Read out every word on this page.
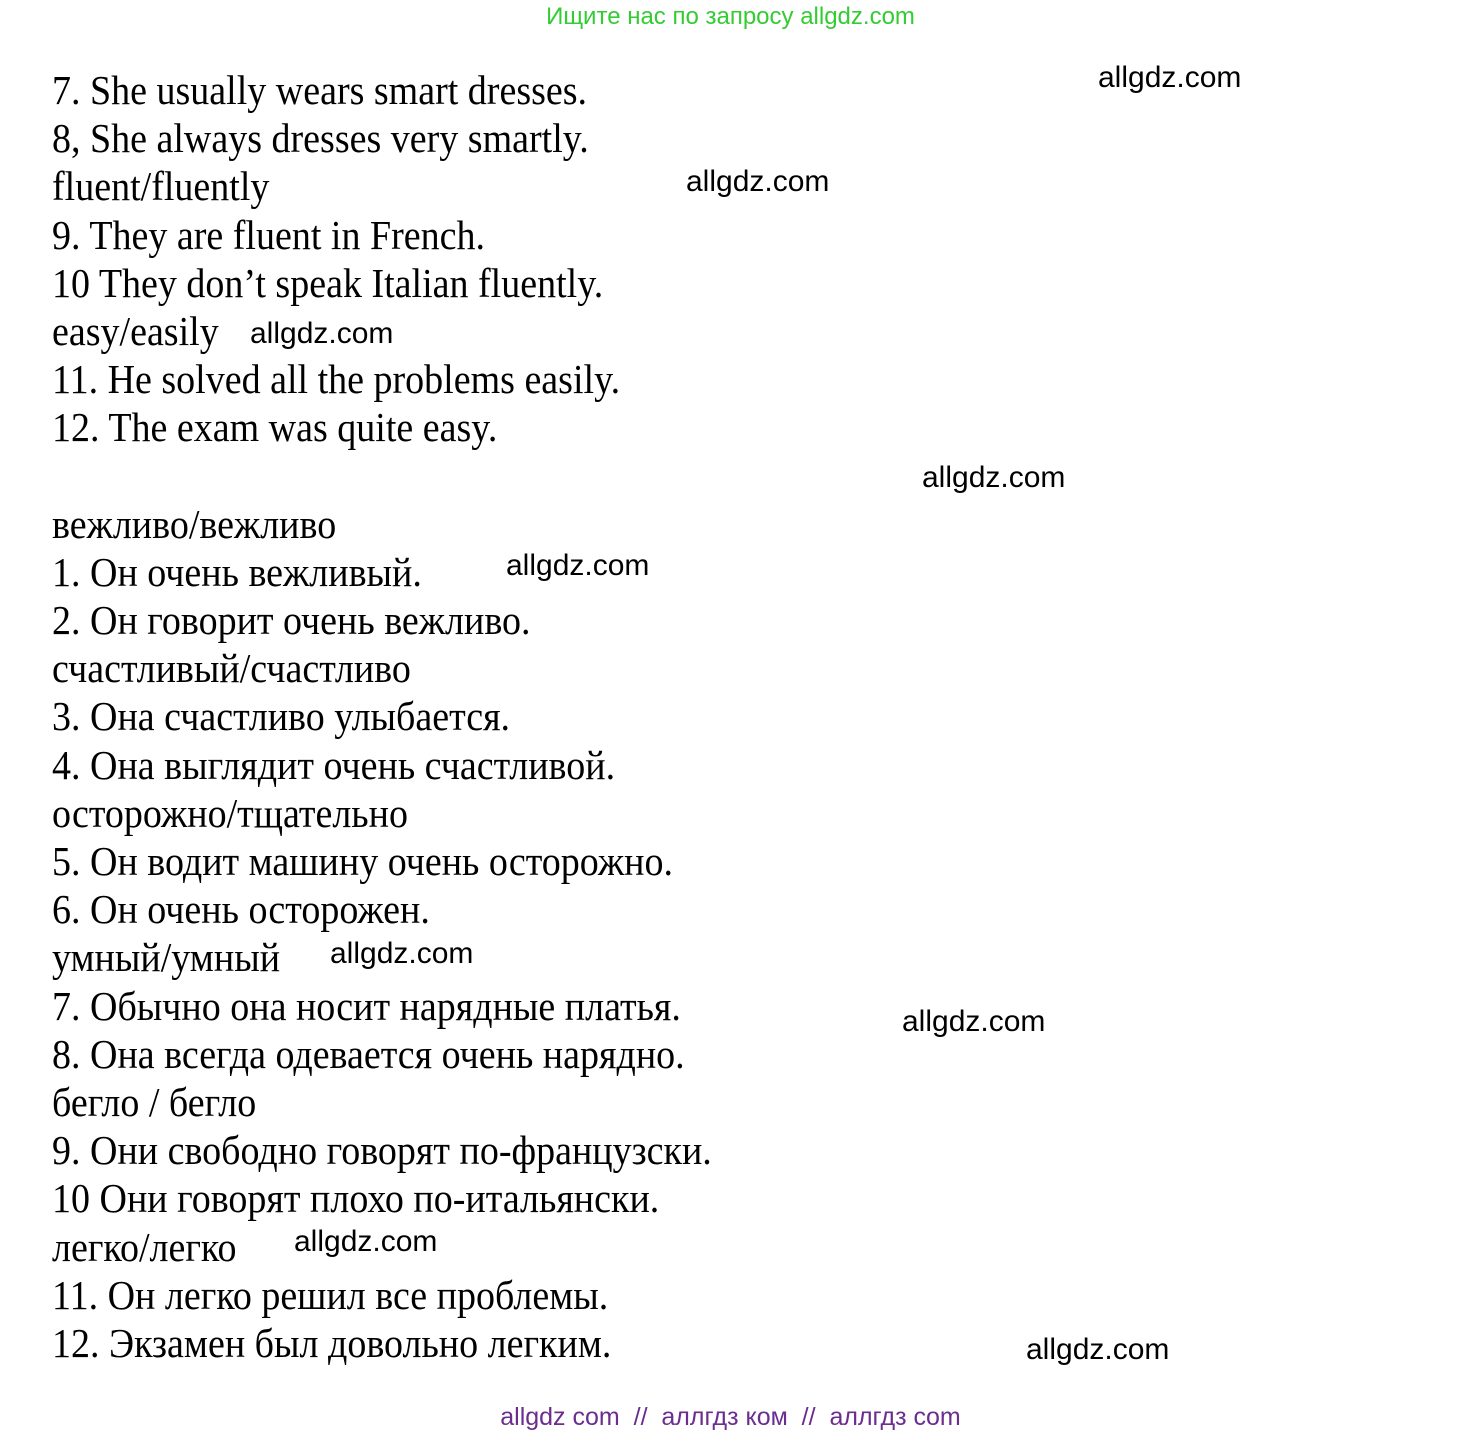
Ищите нас по запросу allgdz.com
7. She usually wears smart dresses.
8, She always dresses very smartly.
fluent/fluently
9. They are fluent in French.
10 They don’t speak Italian fluently.
easy/easily
11. He solved all the problems easily.
12. The exam was quite easy.
вежливо/вежливо
1. Он очень вежливый.
2. Он говорит очень вежливо.
счастливый/счастливо
3. Она счастливо улыбается.
4. Она выглядит очень счастливой.
осторожно/тщательно
5. Он водит машину очень осторожно.
6. Он очень осторожен.
умный/умный
7. Обычно она носит нарядные платья.
8. Она всегда одевается очень нарядно.
бегло / бегло
9. Они свободно говорят по-французски.
10 Они говорят плохо по-итальянски.
легко/легко
11. Он легко решил все проблемы.
12. Экзамен был довольно легким.
allgdz.com
allgdz.com
allgdz.com
allgdz.com
allgdz.com
allgdz.com
allgdz.com
allgdz.com
allgdz.com
allgdz com  //  аллгдз ком  //  аллгдз com
